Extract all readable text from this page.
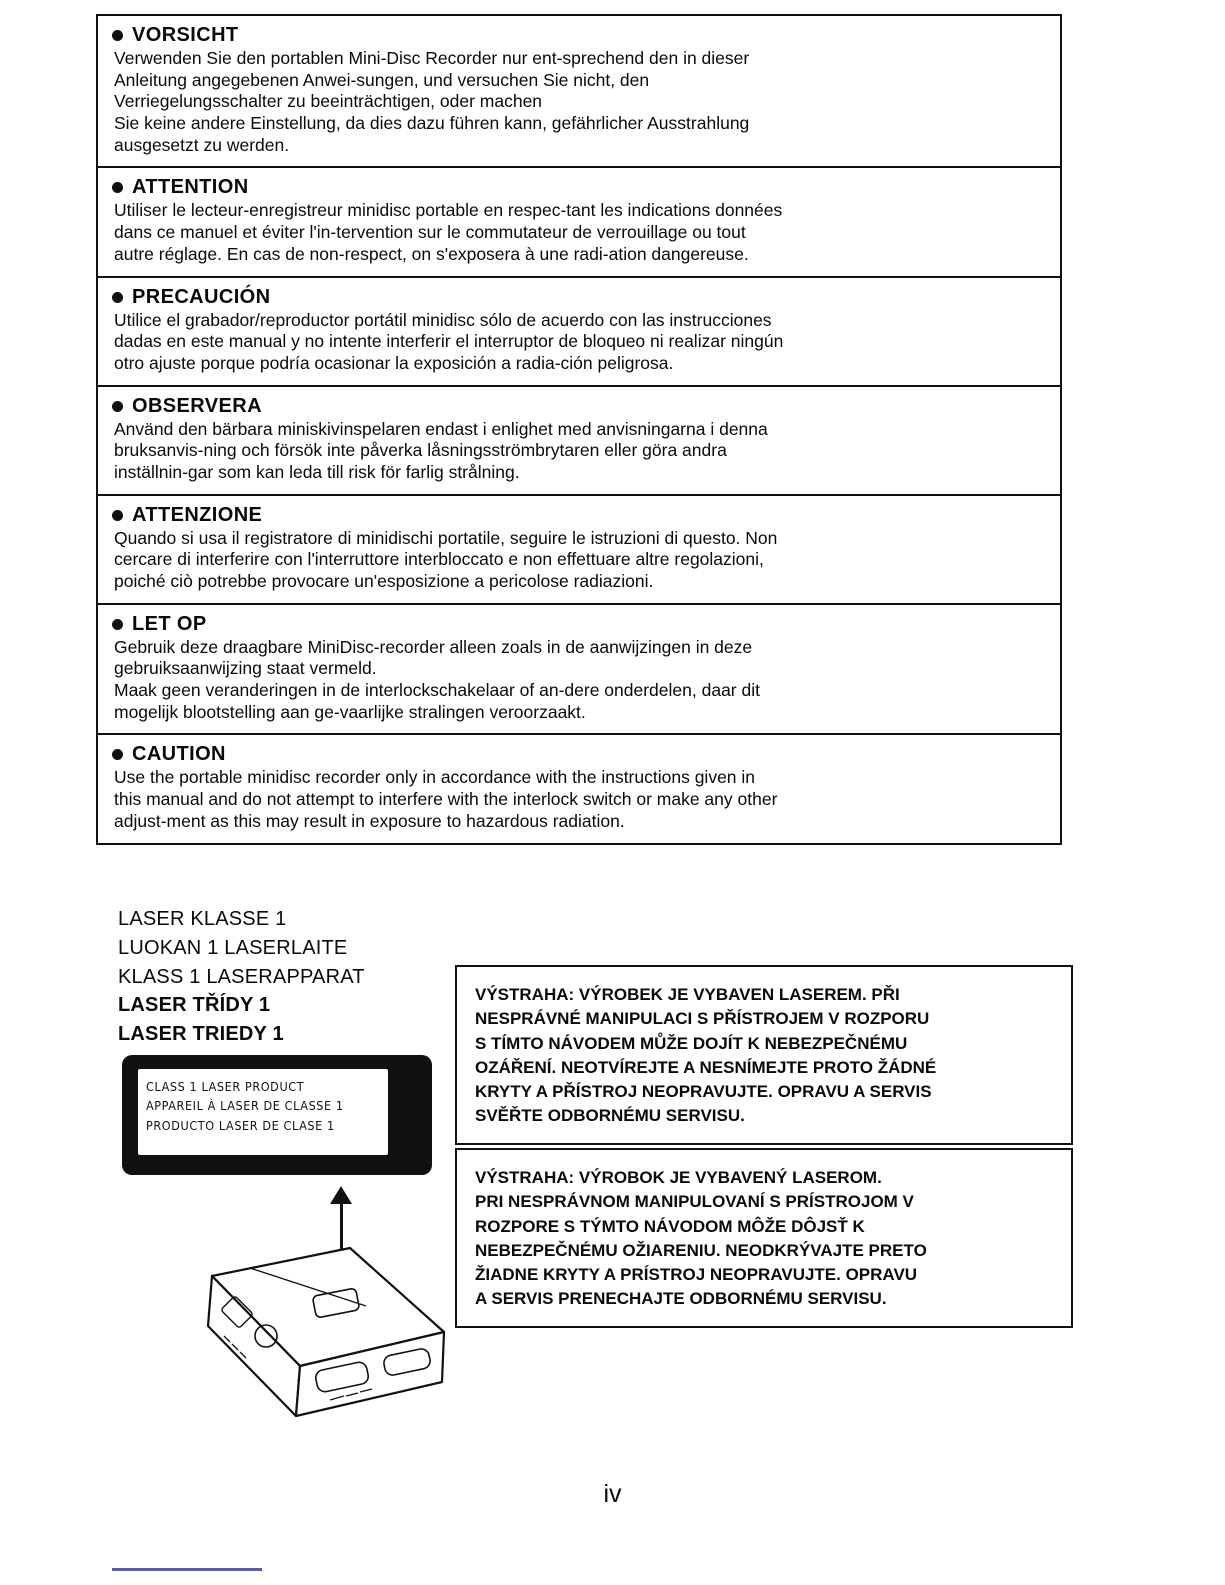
VORSICHT

Verwenden Sie den portablen Mini-Disc Recorder nur ent-sprechend den in dieser
Anleitung angegebenen Anwei-sungen, und versuchen Sie nicht, den
Verriegelungsschalter zu beeinträchtigen, oder machen
Sie keine andere Einstellung, da dies dazu führen kann, gefährlicher Ausstrahlung
ausgesetzt zu werden.

ATTENTION

Utiliser le lecteur-enregistreur minidisc portable en respec-tant les indications données
dans ce manuel et éviter l'in-tervention sur le commutateur de verrouillage ou tout
autre réglage. En cas de non-respect, on s'exposera à une radi-ation dangereuse.

PRECAUCIÓN

Utilice el grabador/reproductor portátil minidisc sólo de acuerdo con las instrucciones
dadas en este manual y no intente interferir el interruptor de bloqueo ni realizar ningún
otro ajuste porque podría ocasionar la exposición a radia-ción peligrosa.

OBSERVERA

Använd den bärbara miniskivinspelaren endast i enlighet med anvisningarna i denna
bruksanvis-ning och försök inte påverka låsningsströmbrytaren eller göra andra
inställnin-gar som kan leda till risk för farlig strålning.

ATTENZIONE

Quando si usa il registratore di minidischi portatile, seguire le istruzioni di questo. Non
cercare di interferire con l'interruttore interbloccato e non effettuare altre regolazioni,
poiché ciò potrebbe provocare un'esposizione a pericolose radiazioni.

LET OP

Gebruik deze draagbare MiniDisc-recorder alleen zoals in de aanwijzingen in deze
gebruiksaanwijzing staat vermeld.
Maak geen veranderingen in de interlockschakelaar of an-dere onderdelen, daar dit
mogelijk blootstelling aan ge-vaarlijke stralingen veroorzaakt.

CAUTION

Use the portable minidisc recorder only in accordance with the instructions given in
this manual and do not attempt to interfere with the interlock switch or make any other
adjust-ment as this may result in exposure to hazardous radiation.

LASER KLASSE 1
LUOKAN 1 LASERLAITE
KLASS 1 LASERAPPARAT
LASER TŘÍDY 1
LASER TRIEDY 1
CLASS 1 LASER PRODUCT
APPAREIL À LASER DE CLASSE 1
PRODUCTO LASER DE CLASE 1

VÝSTRAHA: VÝROBEK JE VYBAVEN LASEREM. PŘI
NESPRÁVNÉ MANIPULACI S PŘÍSTROJEM V ROZPORU
S TÍMTO NÁVODEM MŮŽE DOJÍT K NEBEZPEČNÉMU
OZÁŘENÍ. NEOTVÍREJTE A NESNÍMEJTE PROTO ŽÁDNÉ
KRYTY A PŘÍSTROJ NEOPRAVUJTE. OPRAVU A SERVIS
SVĚŘTE ODBORNÉMU SERVISU.

VÝSTRAHA: VÝROBOK JE VYBAVENÝ LASEROM.
PRI NESPRÁVNOM MANIPULOVANÍ S PRÍSTROJOM V
ROZPORE S TÝMTO NÁVODOM MÔŽE DÔJSŤ K
NEBEZPEČNÉMU OŽIARENIU. NEODKRÝVAJTE PRETO
ŽIADNE KRYTY A PRÍSTROJ NEOPRAVUJTE. OPRAVU
A SERVIS PRENECHAJTE ODBORNÉMU SERVISU.

iv
